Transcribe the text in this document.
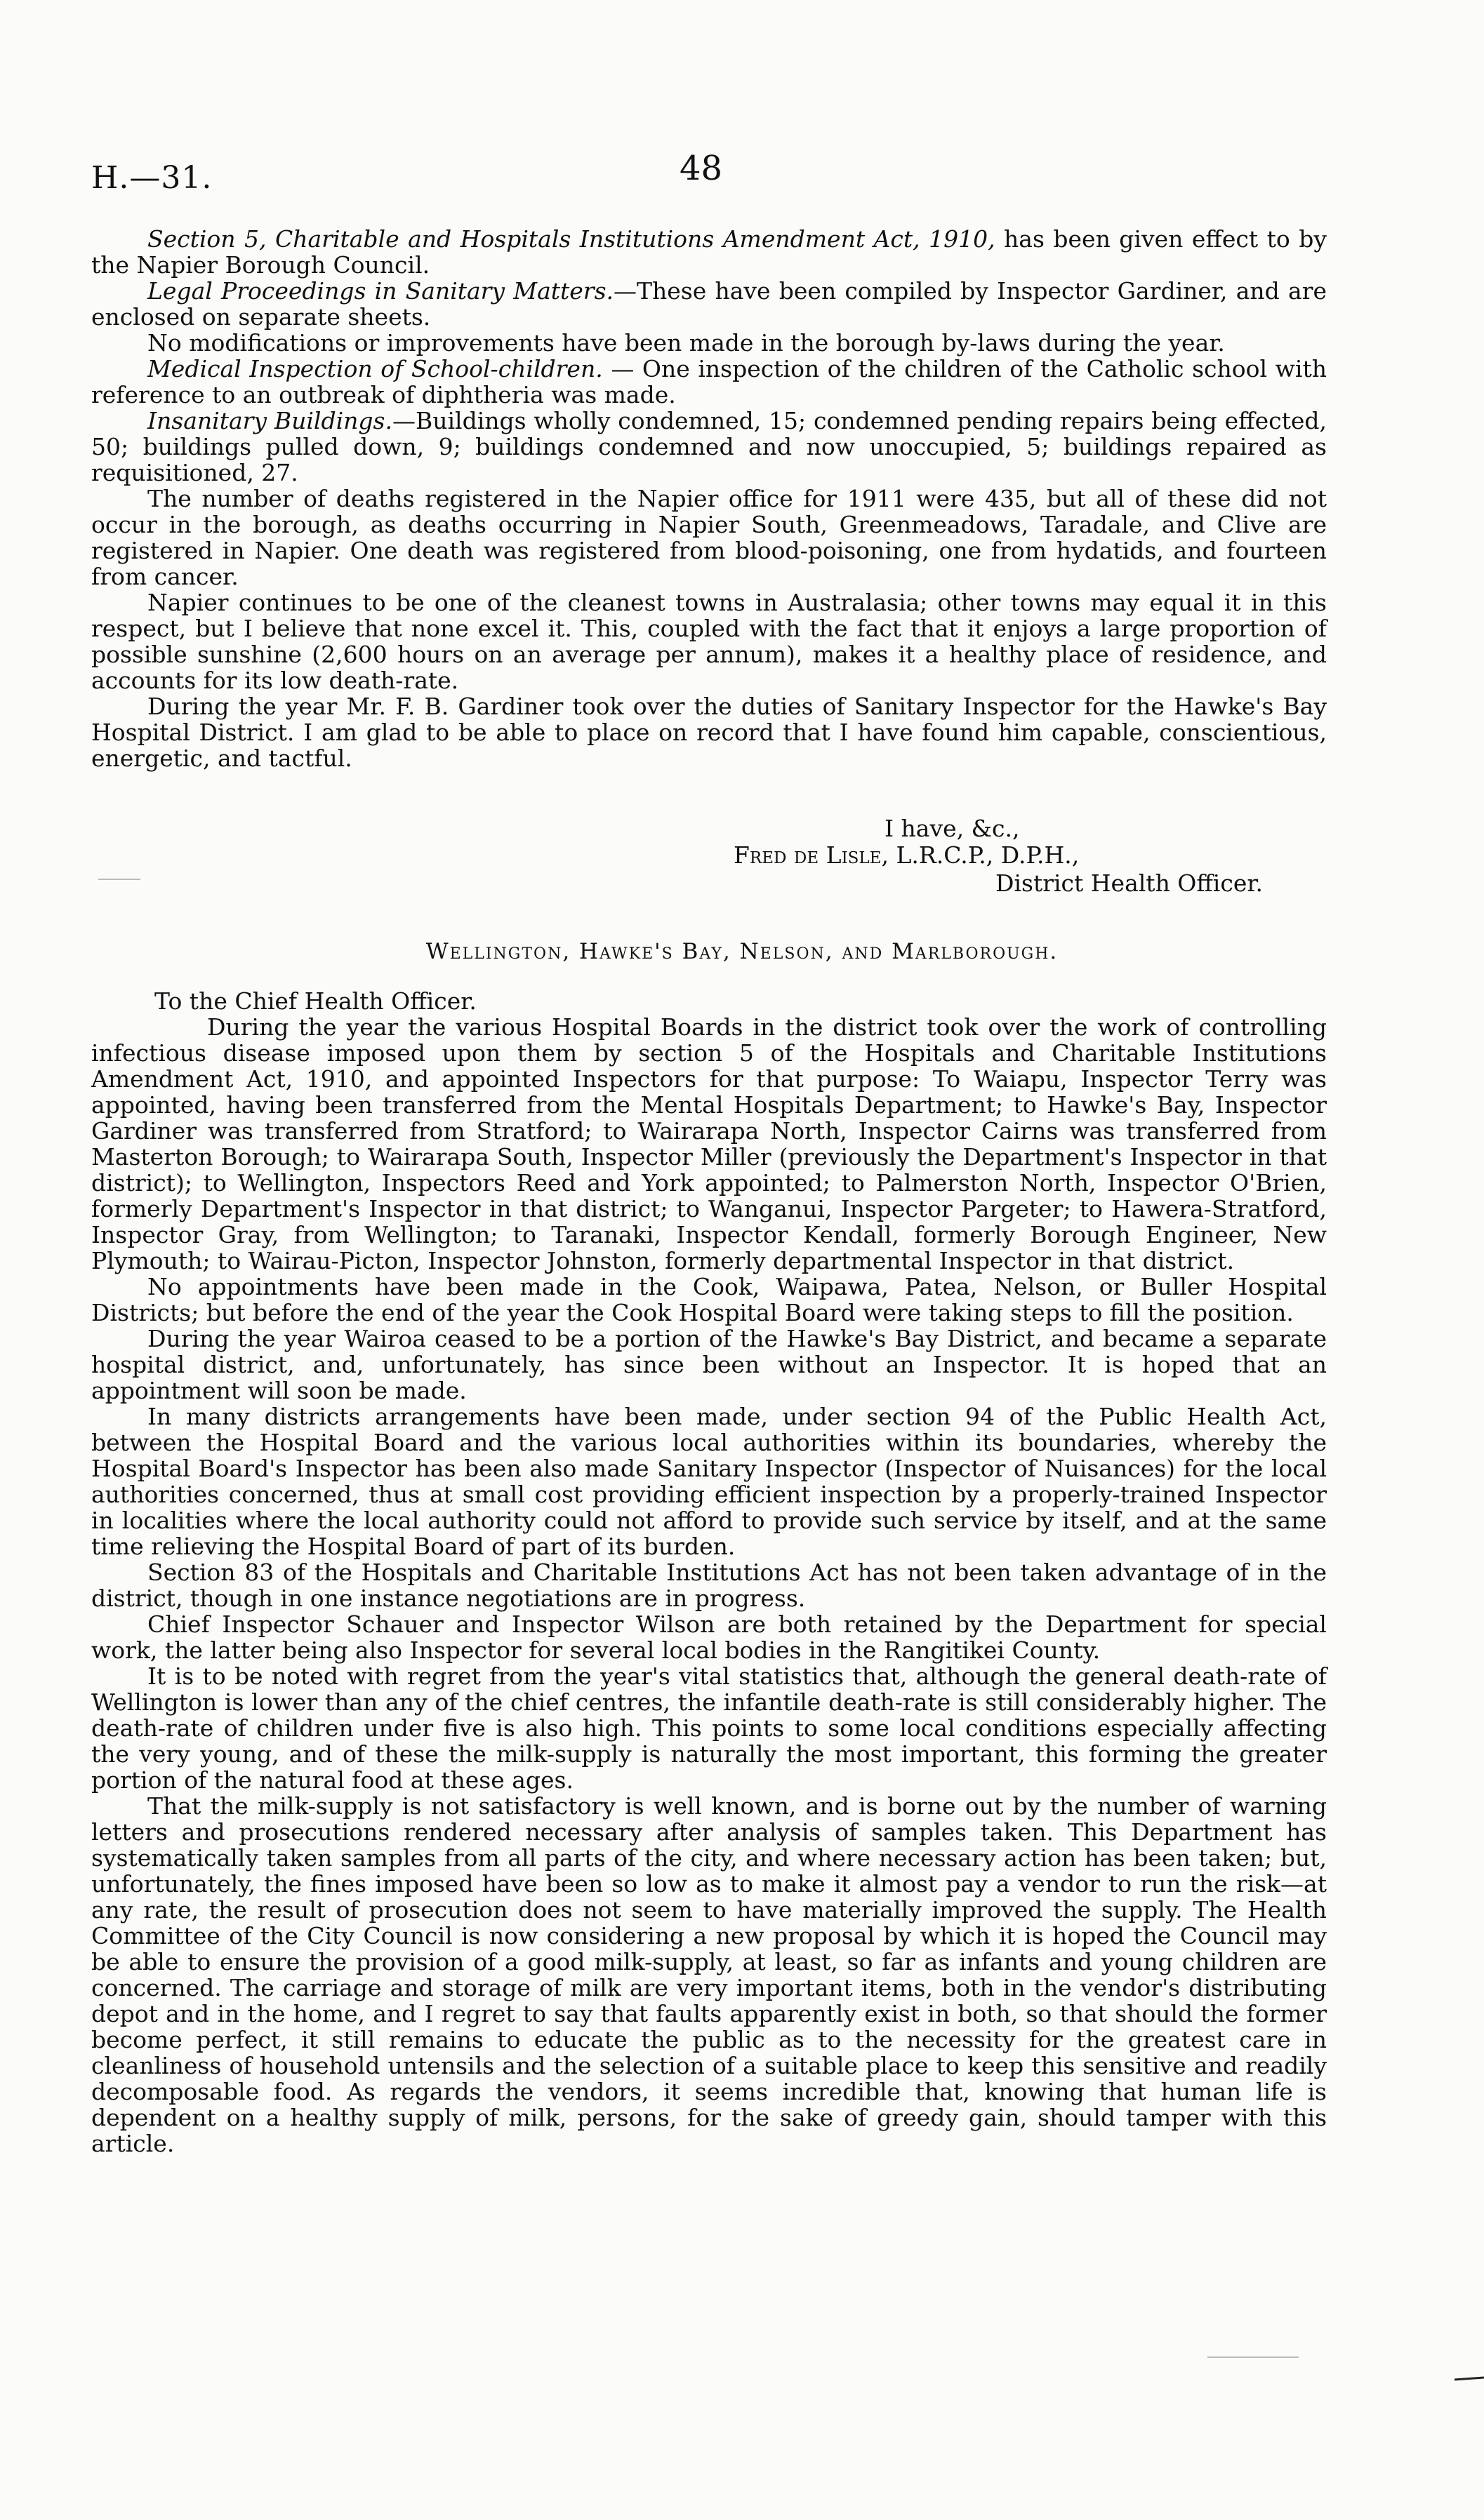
H.—31.	48

Section 5, Charitable and Hospitals Institutions Amendment Act, 1910, has been given effect to by the Napier Borough Council.

Legal Proceedings in Sanitary Matters.—These have been compiled by Inspector Gardiner, and are enclosed on separate sheets.

No modifications or improvements have been made in the borough by-laws during the year.

Medical Inspection of School-children. — One inspection of the children of the Catholic school with reference to an outbreak of diphtheria was made.

Insanitary Buildings.—Buildings wholly condemned, 15; condemned pending repairs being effected, 50; buildings pulled down, 9; buildings condemned and now unoccupied, 5; buildings repaired as requisitioned, 27.

The number of deaths registered in the Napier office for 1911 were 435, but all of these did not occur in the borough, as deaths occurring in Napier South, Greenmeadows, Taradale, and Clive are registered in Napier. One death was registered from blood-poisoning, one from hydatids, and fourteen from cancer.

Napier continues to be one of the cleanest towns in Australasia; other towns may equal it in this respect, but I believe that none excel it. This, coupled with the fact that it enjoys a large proportion of possible sunshine (2,600 hours on an average per annum), makes it a healthy place of residence, and accounts for its low death-rate.

During the year Mr. F. B. Gardiner took over the duties of Sanitary Inspector for the Hawke's Bay Hospital District. I am glad to be able to place on record that I have found him capable, conscientious, energetic, and tactful.

I have, &c.,
Fred de Lisle, L.R.C.P., D.P.H.,
District Health Officer.
Wellington, Hawke's Bay, Nelson, and Marlborough.

To the Chief Health Officer.

During the year the various Hospital Boards in the district took over the work of controlling infectious disease imposed upon them by section 5 of the Hospitals and Charitable Institutions Amendment Act, 1910, and appointed Inspectors for that purpose: To Waiapu, Inspector Terry was appointed, having been transferred from the Mental Hospitals Department; to Hawke's Bay, Inspector Gardiner was transferred from Stratford; to Wairarapa North, Inspector Cairns was transferred from Masterton Borough; to Wairarapa South, Inspector Miller (previously the Department's Inspector in that district); to Wellington, Inspectors Reed and York appointed; to Palmerston North, Inspector O'Brien, formerly Department's Inspector in that district; to Wanganui, Inspector Pargeter; to Hawera-Stratford, Inspector Gray, from Wellington; to Taranaki, Inspector Kendall, formerly Borough Engineer, New Plymouth; to Wairau-Picton, Inspector Johnston, formerly departmental Inspector in that district.

No appointments have been made in the Cook, Waipawa, Patea, Nelson, or Buller Hospital Districts; but before the end of the year the Cook Hospital Board were taking steps to fill the position.

During the year Wairoa ceased to be a portion of the Hawke's Bay District, and became a separate hospital district, and, unfortunately, has since been without an Inspector. It is hoped that an appointment will soon be made.

In many districts arrangements have been made, under section 94 of the Public Health Act, between the Hospital Board and the various local authorities within its boundaries, whereby the Hospital Board's Inspector has been also made Sanitary Inspector (Inspector of Nuisances) for the local authorities concerned, thus at small cost providing efficient inspection by a properly-trained Inspector in localities where the local authority could not afford to provide such service by itself, and at the same time relieving the Hospital Board of part of its burden.

Section 83 of the Hospitals and Charitable Institutions Act has not been taken advantage of in the district, though in one instance negotiations are in progress.

Chief Inspector Schauer and Inspector Wilson are both retained by the Department for special work, the latter being also Inspector for several local bodies in the Rangitikei County.

It is to be noted with regret from the year's vital statistics that, although the general death-rate of Wellington is lower than any of the chief centres, the infantile death-rate is still considerably higher. The death-rate of children under five is also high. This points to some local conditions especially affecting the very young, and of these the milk-supply is naturally the most important, this forming the greater portion of the natural food at these ages.

That the milk-supply is not satisfactory is well known, and is borne out by the number of warning letters and prosecutions rendered necessary after analysis of samples taken. This Department has systematically taken samples from all parts of the city, and where necessary action has been taken; but, unfortunately, the fines imposed have been so low as to make it almost pay a vendor to run the risk—at any rate, the result of prosecution does not seem to have materially improved the supply. The Health Committee of the City Council is now considering a new proposal by which it is hoped the Council may be able to ensure the provision of a good milk-supply, at least, so far as infants and young children are concerned. The carriage and storage of milk are very important items, both in the vendor's distributing depot and in the home, and I regret to say that faults apparently exist in both, so that should the former become perfect, it still remains to educate the public as to the necessity for the greatest care in cleanliness of household untensils and the selection of a suitable place to keep this sensitive and readily decomposable food. As regards the vendors, it seems incredible that, knowing that human life is dependent on a healthy supply of milk, persons, for the sake of greedy gain, should tamper with this article.
